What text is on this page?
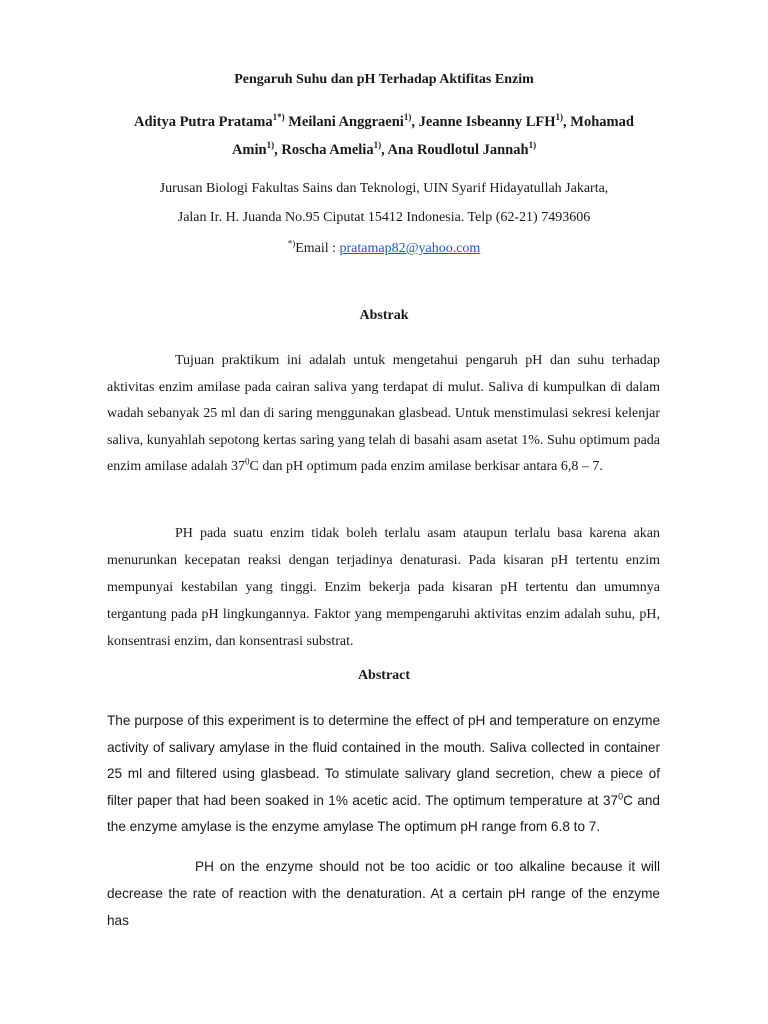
Pengaruh Suhu dan pH Terhadap Aktifitas Enzim
Aditya Putra Pratama$^{1*)}$ Meilani Anggraeni$^{1)}$, Jeanne Isbeanny LFH$^{1)}$, Mohamad
Amin$^{1)}$, Roscha Amelia$^{1)}$, Ana Roudlotul Jannah$^{1)}$
Jurusan Biologi Fakultas Sains dan Teknologi, UIN Syarif Hidayatullah Jakarta,
Jalan Ir. H. Juanda No.95 Ciputat 15412 Indonesia. Telp (62-21) 7493606
*)Email : pratamap82@yahoo.com
Abstrak

Tujuan praktikum ini adalah untuk mengetahui pengaruh pH dan suhu terhadap aktivitas enzim amilase pada cairan saliva yang terdapat di mulut. Saliva di kumpulkan di dalam wadah sebanyak 25 ml dan di saring menggunakan glasbead. Untuk menstimulasi sekresi kelenjar saliva, kunyahlah sepotong kertas saring yang telah di basahi asam asetat 1%. Suhu optimum pada enzim amilase adalah $37^0C$ dan pH optimum pada enzim amilase berkisar antara 6,8 – 7.

PH pada suatu enzim tidak boleh terlalu asam ataupun terlalu basa karena akan menurunkan kecepatan reaksi dengan terjadinya denaturasi. Pada kisaran pH tertentu enzim mempunyai kestabilan yang tinggi. Enzim bekerja pada kisaran pH tertentu dan umumnya tergantung pada pH lingkungannya. Faktor yang mempengaruhi aktivitas enzim adalah suhu, pH, konsentrasi enzim, dan konsentrasi substrat.

Abstract

The purpose of this experiment is to determine the effect of pH and temperature on enzyme activity of salivary amylase in the fluid contained in the mouth. Saliva collected in container 25 ml and filtered using glasbead. To stimulate salivary gland secretion, chew a piece of filter paper that had been soaked in 1% acetic acid. The optimum temperature at $37^0C$ and the enzyme amylase is the enzyme amylase The optimum pH range from 6.8 to 7.

PH on the enzyme should not be too acidic or too alkaline because it will decrease the rate of reaction with the denaturation. At a certain pH range of the enzyme has
